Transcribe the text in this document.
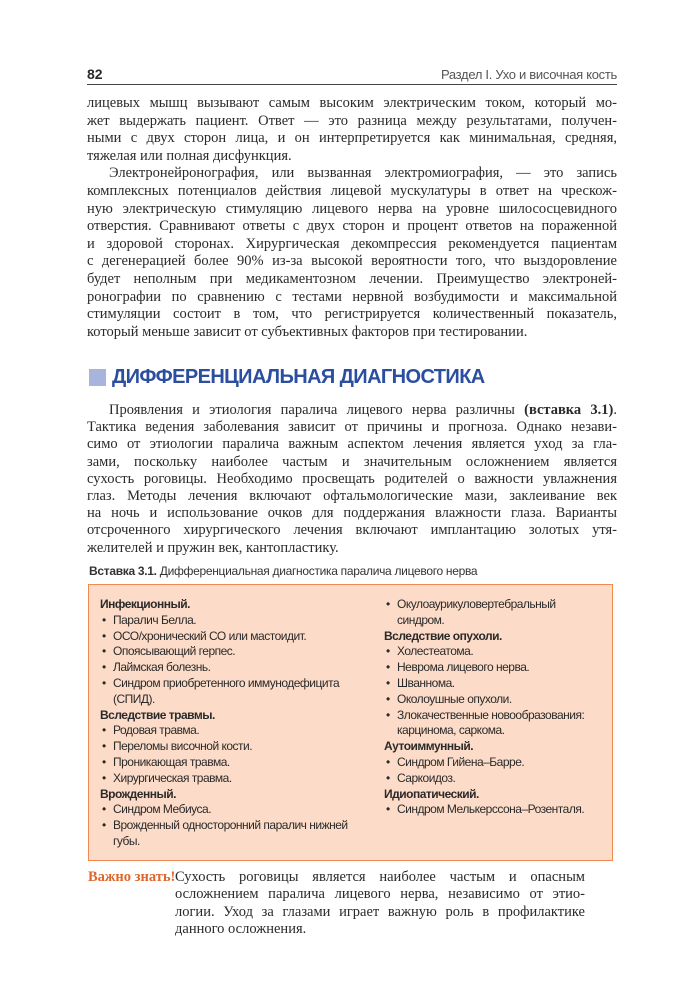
82	Раздел I. Ухо и височная кость
лицевых мышц вызывают самым высоким электрическим током, который мо-
жет выдержать пациент. Ответ — это разница между результатами, получен-
ными с двух сторон лица, и он интерпретируется как минимальная, средняя,
тяжелая или полная дисфункция.
Электронейронография, или вызванная электромиография, — это запись
комплексных потенциалов действия лицевой мускулатуры в ответ на чрескож-
ную электрическую стимуляцию лицевого нерва на уровне шилососцевидного
отверстия. Сравнивают ответы с двух сторон и процент ответов на пораженной
и здоровой сторонах. Хирургическая декомпрессия рекомендуется пациентам
с дегенерацией более 90% из-за высокой вероятности того, что выздоровление
будет неполным при медикаментозном лечении. Преимущество электроней-
ронографии по сравнению с тестами нервной возбудимости и максимальной
стимуляции состоит в том, что регистрируется количественный показатель,
который меньше зависит от субъективных факторов при тестировании.
ДИФФЕРЕНЦИАЛЬНАЯ ДИАГНОСТИКА
Проявления и этиология паралича лицевого нерва различны (вставка 3.1).
Тактика ведения заболевания зависит от причины и прогноза. Однако незави-
симо от этиологии паралича важным аспектом лечения является уход за гла-
зами, поскольку наиболее частым и значительным осложнением является
сухость роговицы. Необходимо просвещать родителей о важности увлажнения
глаз. Методы лечения включают офтальмологические мази, заклеивание век
на ночь и использование очков для поддержания влажности глаза. Варианты
отсроченного хирургического лечения включают имплантацию золотых утя-
желителей и пружин век, кантопластику.
Вставка 3.1. Дифференциальная диагностика паралича лицевого нерва
Инфекционный.
• Паралич Белла.
• ОСО/хронический СО или мастоидит.
• Опоясывающий герпес.
• Лаймская болезнь.
• Синдром приобретенного иммунодефицита (СПИД).
Вследствие травмы.
• Родовая травма.
• Переломы височной кости.
• Проникающая травма.
• Хирургическая травма.
Врожденный.
• Синдром Мебиуса.
• Врожденный односторонний паралич нижней
губы.
• Окулоаурикуловертебральный
синдром.
Вследствие опухоли.
• Холестеатома.
• Неврома лицевого нерва.
• Шваннома.
• Околоушные опухоли.
• Злокачественные новообразования:
карцинома, саркома.
Аутоиммунный.
• Синдром Гийена–Барре.
• Саркоидоз.
Идиопатический.
• Синдром Мелькерссона–Розенталя.
Важно знать! Сухость роговицы является наиболее частым и опасным
осложнением паралича лицевого нерва, независимо от этио-
логии. Уход за глазами играет важную роль в профилактике
данного осложнения.
